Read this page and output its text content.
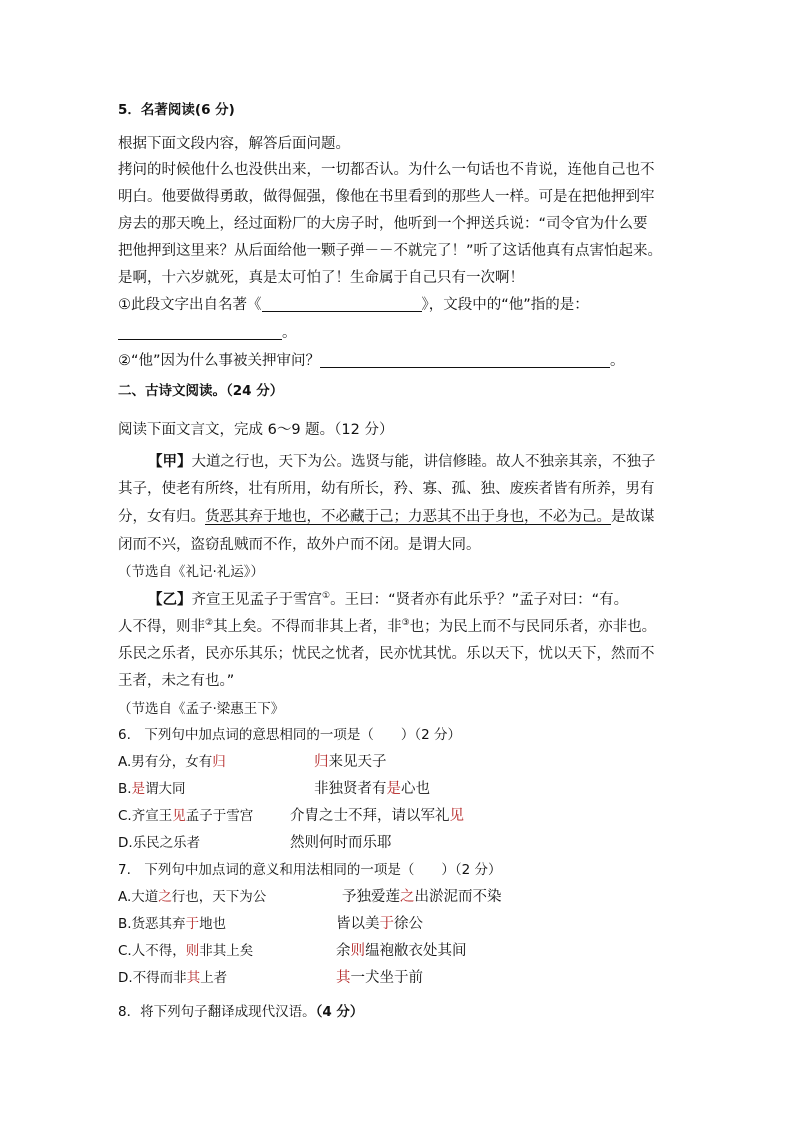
5．名著阅读(6 分)
根据下面文段内容，解答后面问题。
拷问的时候他什么也没供出来，一切都否认。为什么一句话也不肯说，连他自己也不
明白。他要做得勇敢，做得倔强，像他在书里看到的那些人一样。可是在把他押到牢
房去的那天晚上，经过面粉厂的大房子时，他听到一个押送兵说：“司令官为什么要
把他押到这里来？从后面给他一颗子弹－－不就完了！”听了这话他真有点害怕起来。
是啊，十六岁就死，真是太可怕了！生命属于自己只有一次啊！
①此段文字出自名著《	》，文段中的“他”指的是：
。
②“他”因为什么事被关押审问？	。
二、古诗文阅读。（24 分）
阅读下面文言文，完成 6～9 题。（12 分）
【甲】大道之行也，天下为公。选贤与能，讲信修睦。故人不独亲其亲，不独子
其子，使老有所终，壮有所用，幼有所长，矜、寡、孤、独、废疾者皆有所养，男有
分，女有归。货恶其弃于地也，不必藏于己；力恶其不出于身也，不必为己。是故谋
闭而不兴，盗窃乱贼而不作，故外户而不闭。是谓大同。
（节选自《礼记·礼运》）
【乙】齐宣王见孟子于雪宫①。王曰：“贤者亦有此乐乎？”孟子对曰：“有。
人不得，则非②其上矣。不得而非其上者，非③也；为民上而不与民同乐者，亦非也。
乐民之乐者，民亦乐其乐；忧民之忧者，民亦忧其忧。乐以天下，忧以天下，然而不
王者，未之有也。”
（节选自《孟子·梁惠王下》
6.　下列句中加点词的意思相同的一项是（　　）（2 分）
A.男有分，女有归	归来见天子
B.是谓大同	非独贤者有是心也
C.齐宣王见孟子于雪宫	介胄之士不拜，请以军礼见
D.乐民之乐者	然则何时而乐耶
7.　下列句中加点词的意义和用法相同的一项是（　　）（2 分）
A.大道之行也，天下为公	予独爱莲之出淤泥而不染
B.货恶其弃于地也	皆以美于徐公
C.人不得，则非其上矣	余则缊袍敝衣处其间
D.不得而非其上者	其一犬坐于前
8．将下列句子翻译成现代汉语。（4 分）
